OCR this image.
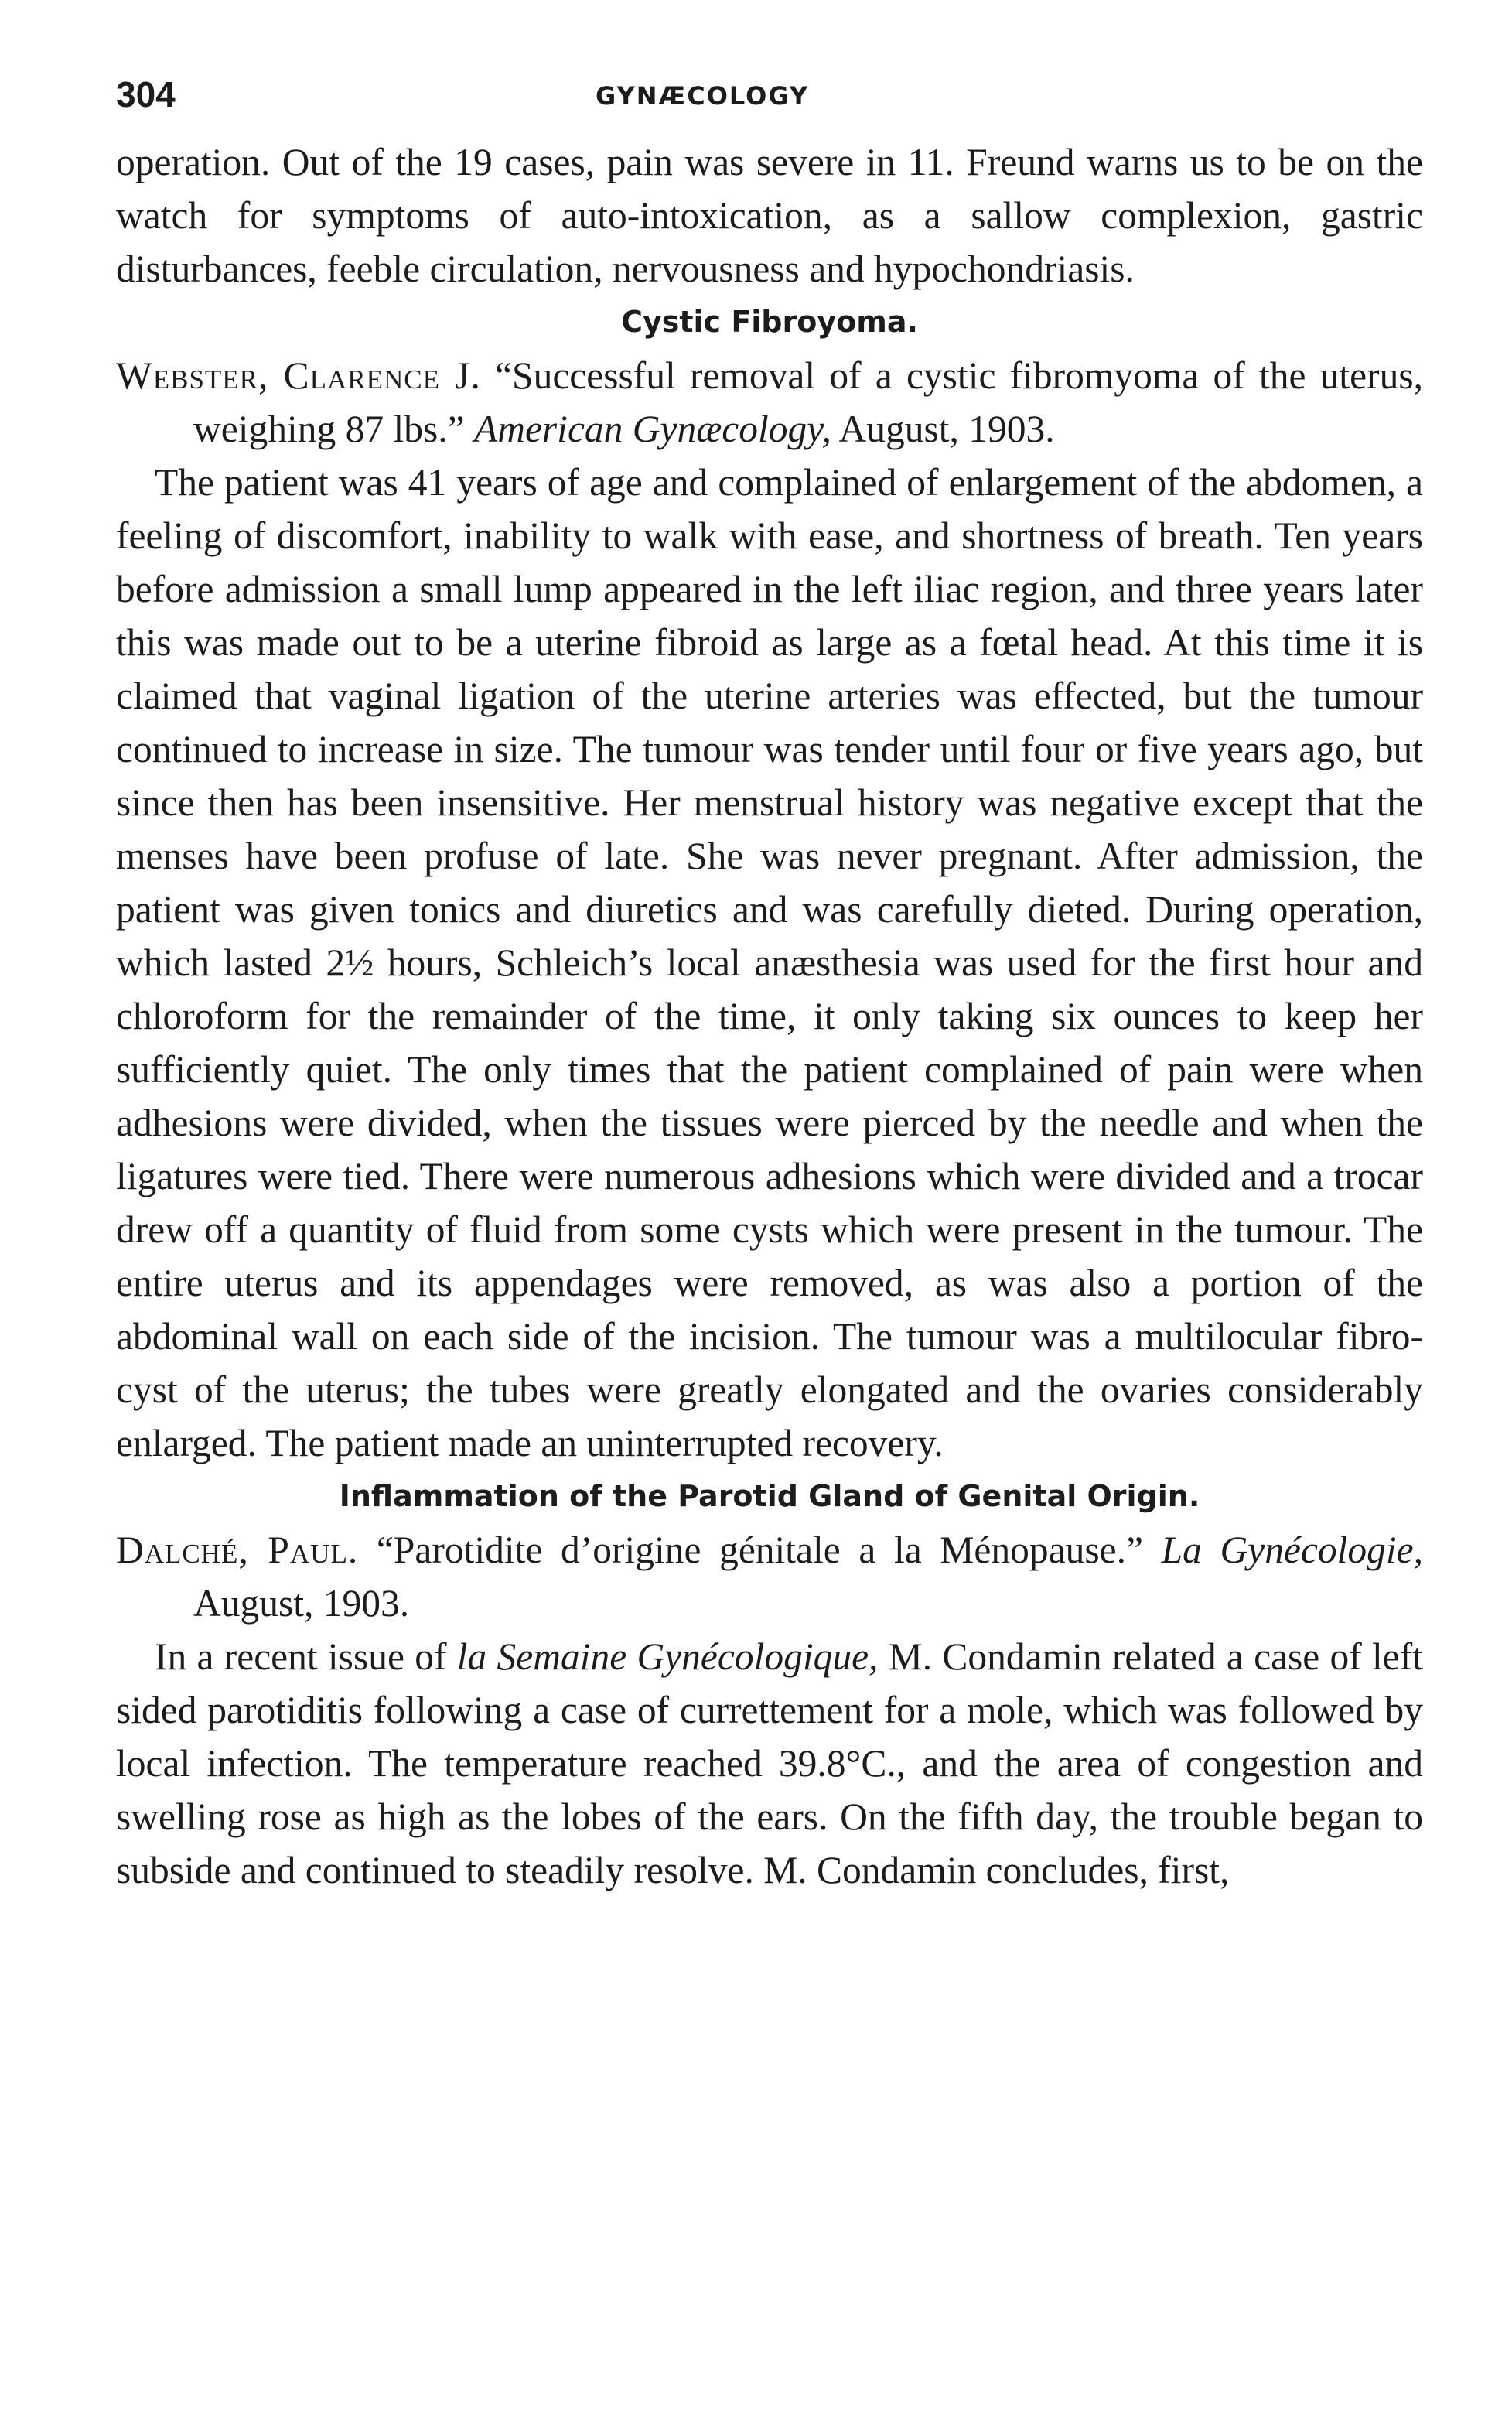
304	GYNÆCOLOGY

operation. Out of the 19 cases, pain was severe in 11. Freund warns us to be on the watch for symptoms of auto-intoxication, as a sallow complexion, gastric disturbances, feeble circulation, nervousness and hypochondriasis.

Cystic Fibroyoma.

Webster, Clarence J. “Successful removal of a cystic fibromyoma of the uterus, weighing 87 lbs.” American Gynæcology, August, 1903.

The patient was 41 years of age and complained of enlargement of the abdomen, a feeling of discomfort, inability to walk with ease, and shortness of breath. Ten years before admission a small lump appeared in the left iliac region, and three years later this was made out to be a uterine fibroid as large as a fœtal head. At this time it is claimed that vaginal ligation of the uterine arteries was effected, but the tumour continued to increase in size. The tumour was tender until four or five years ago, but since then has been insensitive. Her menstrual history was negative except that the menses have been profuse of late. She was never pregnant. After admission, the patient was given tonics and diuretics and was carefully dieted. During operation, which lasted 2½ hours, Schleich’s local anæsthesia was used for the first hour and chloroform for the remainder of the time, it only taking six ounces to keep her sufficiently quiet. The only times that the patient complained of pain were when adhesions were divided, when the tissues were pierced by the needle and when the ligatures were tied. There were numerous adhesions which were divided and a trocar drew off a quantity of fluid from some cysts which were present in the tumour. The entire uterus and its appendages were removed, as was also a portion of the abdominal wall on each side of the incision. The tumour was a multilocular fibro-cyst of the uterus; the tubes were greatly elongated and the ovaries considerably enlarged. The patient made an uninterrupted recovery.

Inflammation of the Parotid Gland of Genital Origin.

Dalché, Paul. “Parotidite d’origine génitale a la Ménopause.” La Gynécologie, August, 1903.

In a recent issue of la Semaine Gynécologique, M. Condamin related a case of left sided parotiditis following a case of currettement for a mole, which was followed by local infection. The temperature reached 39.8°C., and the area of congestion and swelling rose as high as the lobes of the ears. On the fifth day, the trouble began to subside and continued to steadily resolve. M. Condamin concludes, first,
